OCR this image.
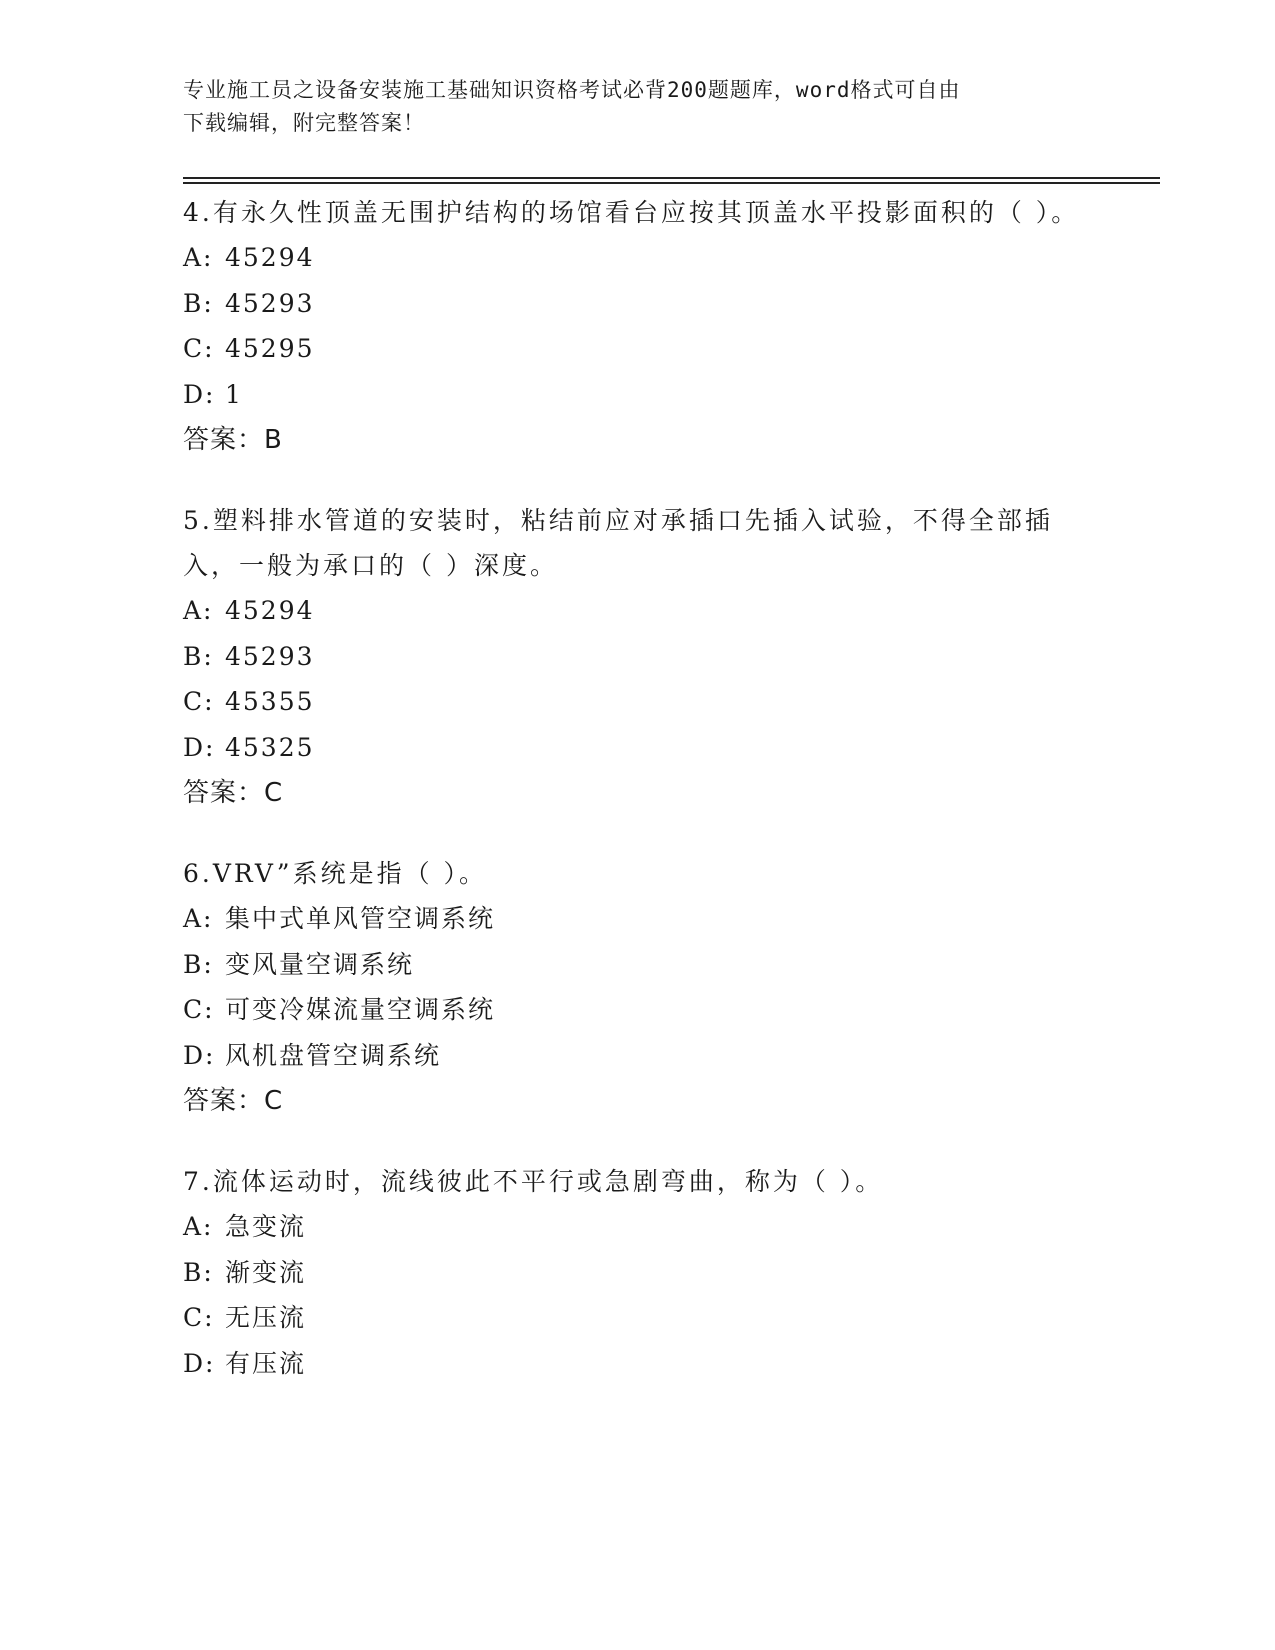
专业施工员之设备安装施工基础知识资格考试必背200题题库，word格式可自由
下载编辑，附完整答案！

4.有永久性顶盖无围护结构的场馆看台应按其顶盖水平投影面积的（ ）。

A: 45294

B: 45293

C: 45295

D: 1

答案：B

5.塑料排水管道的安装时，粘结前应对承插口先插入试验，不得全部插入，一般为承口的（ ）深度。

A: 45294

B: 45293

C: 45355

D: 45325

答案：C

6.VRV”系统是指（ ）。

A: 集中式单风管空调系统

B: 变风量空调系统

C: 可变冷媒流量空调系统

D: 风机盘管空调系统

答案：C

7.流体运动时，流线彼此不平行或急剧弯曲，称为（ ）。

A: 急变流

B: 渐变流

C: 无压流

D: 有压流
